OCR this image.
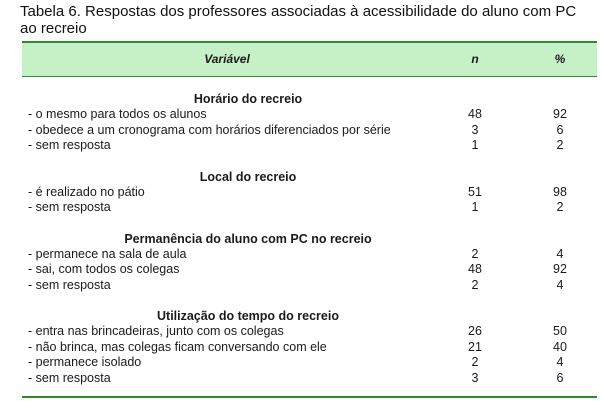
Tabela 6. Respostas dos professores associadas à acessibilidade do aluno com PC ao recreio
Variável	n	%
Horário do recreio
- o mesmo para todos os alunos	48	92
- obedece a um cronograma com horários diferenciados por série	3	6
- sem resposta	1	2
Local do recreio
- é realizado no pátio	51	98
- sem resposta	1	2
Permanência do aluno com PC no recreio
- permanece na sala de aula	2	4
- sai, com todos os colegas	48	92
- sem resposta	2	4
Utilização do tempo do recreio
- entra nas brincadeiras, junto com os colegas	26	50
- não brinca, mas colegas ficam conversando com ele	21	40
- permanece isolado	2	4
- sem resposta	3	6
